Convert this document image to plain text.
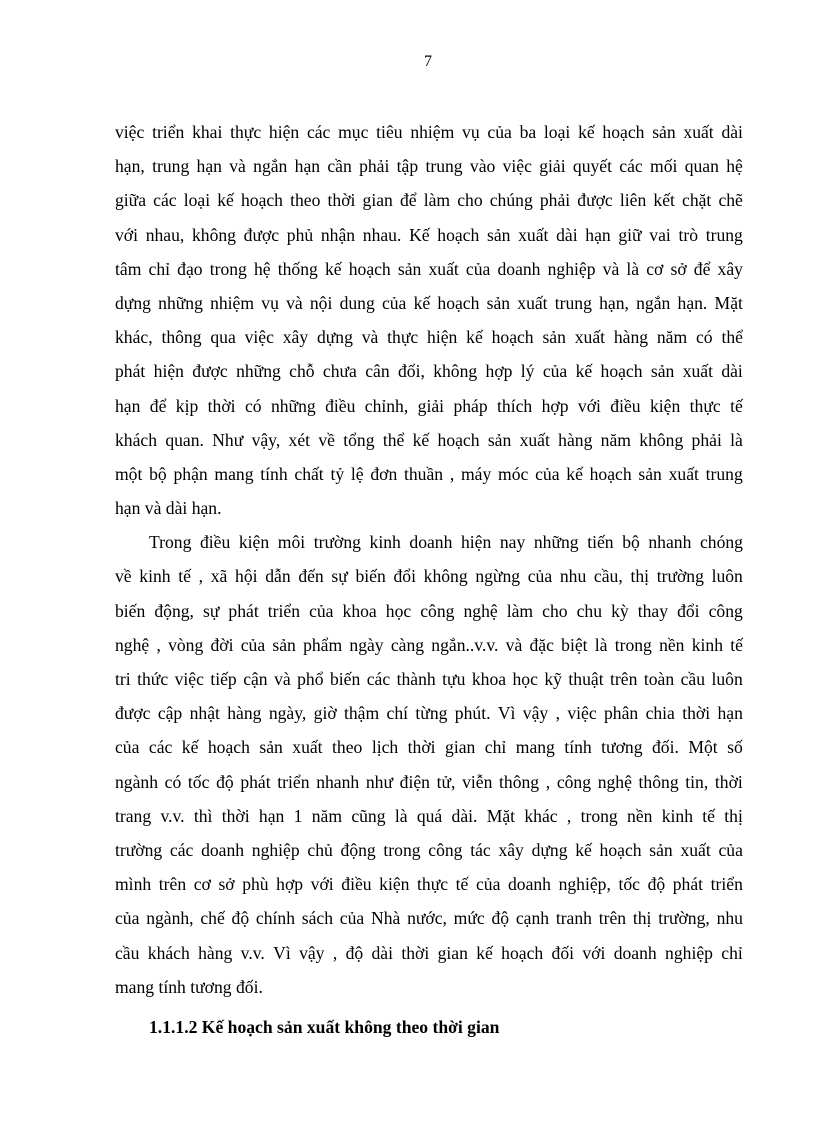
7
việc triển khai thực hiện các mục tiêu nhiệm vụ của ba loại kế hoạch sản xuất dài
hạn, trung hạn và ngắn hạn cần phải tập trung vào việc giải quyết các mối quan hệ
giữa các loại kế hoạch theo thời gian để làm cho chúng phải được liên kết chặt chẽ
với nhau, không được phủ nhận nhau. Kế hoạch sản xuất dài hạn giữ vai trò trung
tâm chỉ đạo trong hệ thống kế hoạch sản xuất của doanh nghiệp và là cơ sở để xây
dựng những nhiệm vụ và nội dung của kế hoạch sản xuất trung hạn, ngắn hạn. Mặt
khác, thông qua việc xây dựng và thực hiện kế hoạch sản xuất hàng năm có thể
phát hiện được những chỗ chưa cân đối, không hợp lý của kế hoạch sản xuất dài
hạn để kịp thời có những điều chỉnh, giải pháp thích hợp với điều kiện thực tế
khách quan. Như vậy, xét về tổng thể kế hoạch sản xuất hàng năm không phải là
một bộ phận mang tính chất tỷ lệ đơn thuần , máy móc của kế hoạch sản xuất trung
hạn và dài hạn.
Trong điều kiện môi trường kinh doanh hiện nay những tiến bộ nhanh chóng
về kinh tế , xã hội dẫn đến sự biến đổi không ngừng của nhu cầu, thị trường luôn
biến động, sự phát triển của khoa học công nghệ làm cho chu kỳ thay đổi công
nghệ , vòng đời của sản phẩm ngày càng ngắn..v.v. và đặc biệt là trong nền kinh tế
tri thức việc tiếp cận và phổ biến các thành tựu khoa học kỹ thuật trên toàn cầu luôn
được cập nhật hàng ngày, giờ thậm chí từng phút. Vì vậy , việc phân chia thời hạn
của các kế hoạch sản xuất theo lịch thời gian chỉ mang tính tương đối. Một số
ngành có tốc độ phát triển nhanh như điện tử, viễn thông , công nghệ thông tin, thời
trang v.v. thì thời hạn 1 năm cũng là quá dài. Mặt khác , trong nền kinh tế thị
trường các doanh nghiệp chủ động trong công tác xây dựng kế hoạch sản xuất của
mình trên cơ sở phù hợp với điều kiện thực tế của doanh nghiệp, tốc độ phát triển
của ngành, chế độ chính sách của Nhà nước, mức độ cạnh tranh trên thị trường, nhu
cầu khách hàng v.v. Vì vậy , độ dài thời gian kế hoạch đối với doanh nghiệp chỉ
mang tính tương đối.
1.1.1.2 Kế hoạch sản xuất không theo thời gian
